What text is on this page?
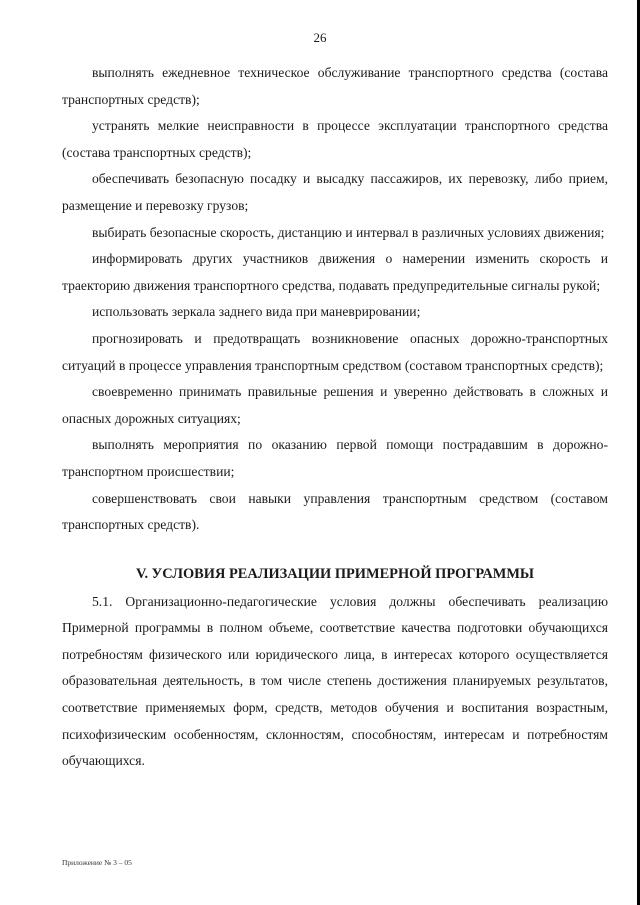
26

выполнять ежедневное техническое обслуживание транспортного средства (состава транспортных средств);

устранять мелкие неисправности в процессе эксплуатации транспортного средства (состава транспортных средств);

обеспечивать безопасную посадку и высадку пассажиров, их перевозку, либо прием, размещение и перевозку грузов;

выбирать безопасные скорость, дистанцию и интервал в различных условиях движения;

информировать других участников движения о намерении изменить скорость и траекторию движения транспортного средства, подавать предупредительные сигналы рукой;

использовать зеркала заднего вида при маневрировании;

прогнозировать и предотвращать возникновение опасных дорожно-транспортных ситуаций в процессе управления транспортным средством (составом транспортных средств);

своевременно принимать правильные решения и уверенно действовать в сложных и опасных дорожных ситуациях;

выполнять мероприятия по оказанию первой помощи пострадавшим в дорожно-транспортном происшествии;

совершенствовать свои навыки управления транспортным средством (составом транспортных средств).

V. УСЛОВИЯ РЕАЛИЗАЦИИ ПРИМЕРНОЙ ПРОГРАММЫ

5.1. Организационно-педагогические условия должны обеспечивать реализацию Примерной программы в полном объеме, соответствие качества подготовки обучающихся потребностям физического или юридического лица, в интересах которого осуществляется образовательная деятельность, в том числе степень достижения планируемых результатов, соответствие применяемых форм, средств, методов обучения и воспитания возрастным, психофизическим особенностям, склонностям, способностям, интересам и потребностям обучающихся.

Приложение № 3 – 05
